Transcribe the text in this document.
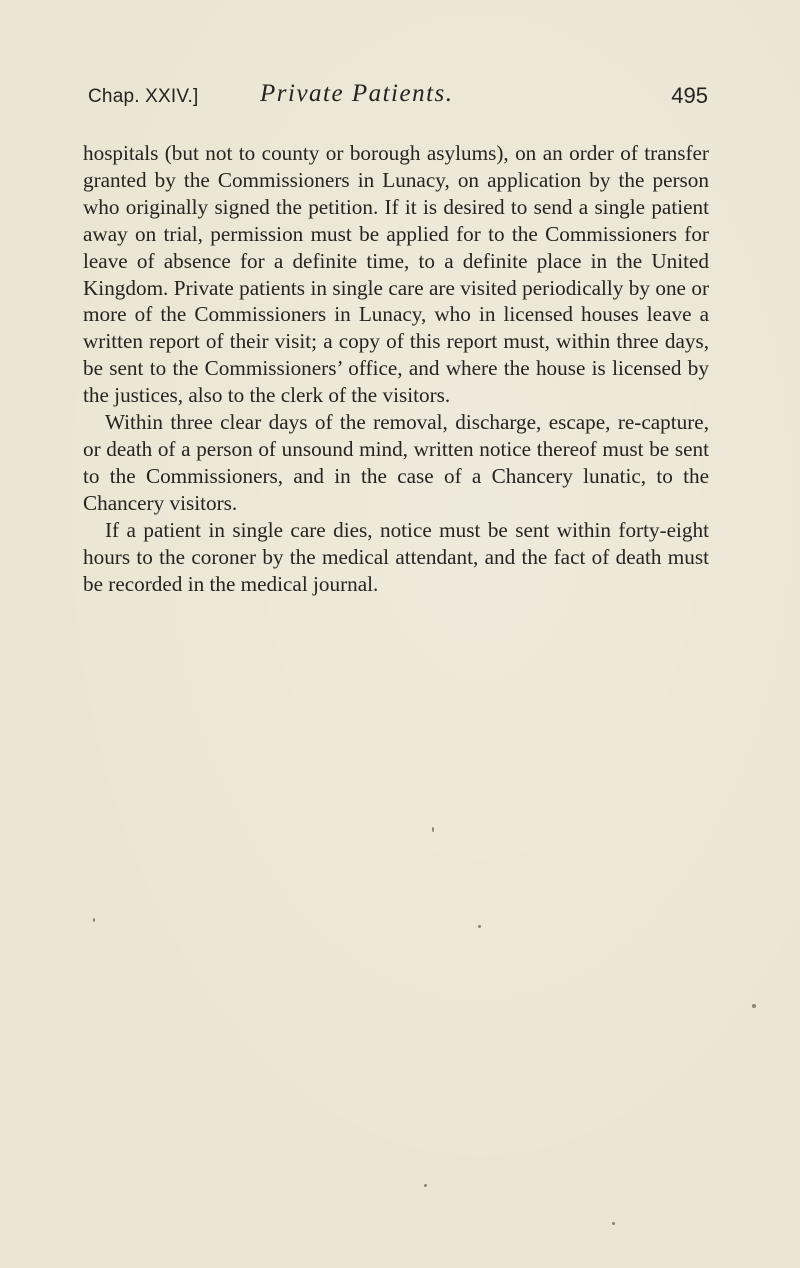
Chap. XXIV.] Private Patients.	495

hospitals (but not to county or borough asylums), on an order of transfer granted by the Commissioners in Lunacy, on application by the person who originally signed the petition. If it is desired to send a single patient away on trial, permission must be applied for to the Commissioners for leave of absence for a definite time, to a definite place in the United Kingdom. Private patients in single care are visited periodically by one or more of the Commissioners in Lunacy, who in licensed houses leave a written report of their visit; a copy of this report must, within three days, be sent to the Commissioners’ office, and where the house is licensed by the justices, also to the clerk of the visitors.

Within three clear days of the removal, discharge, escape, re-capture, or death of a person of unsound mind, written notice thereof must be sent to the Commissioners, and in the case of a Chancery lunatic, to the Chancery visitors.

If a patient in single care dies, notice must be sent within forty-eight hours to the coroner by the medical attendant, and the fact of death must be recorded in the medical journal.
